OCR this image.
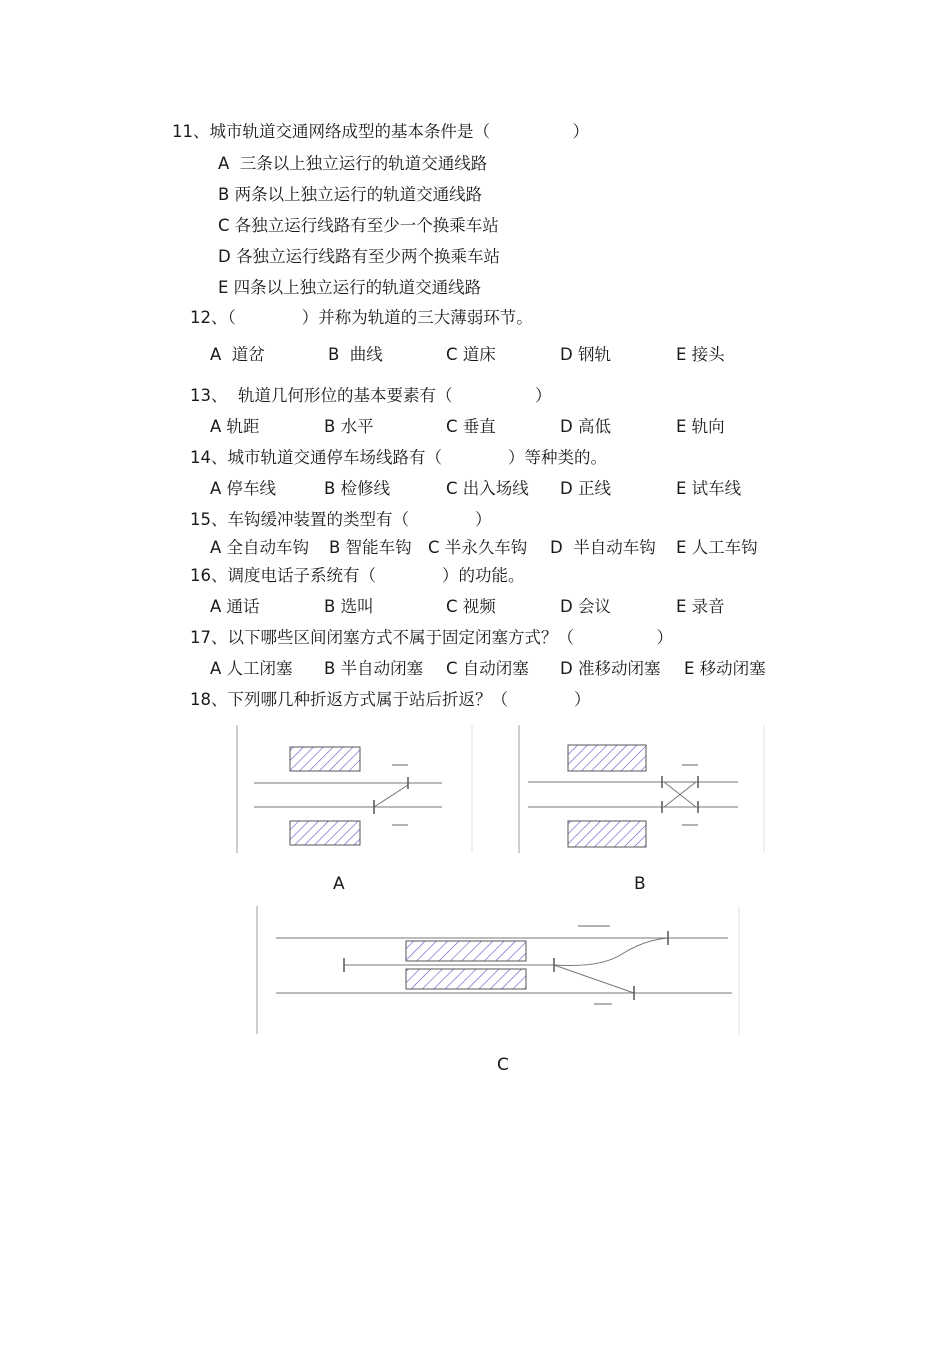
11、城市轨道交通网络成型的基本条件是（　　　　　）
A  三条以上独立运行的轨道交通线路
B 两条以上独立运行的轨道交通线路
C 各独立运行线路有至少一个换乘车站
D 各独立运行线路有至少两个换乘车站
E 四条以上独立运行的轨道交通线路
12、（　　　　）并称为轨道的三大薄弱环节。
A  道岔	B  曲线	C 道床	D 钢轨	E 接头
13、  轨道几何形位的基本要素有（　　　　　）
A 轨距	B 水平	C 垂直	D 高低	E 轨向
14、城市轨道交通停车场线路有（　　　　）等种类的。
A 停车线	B 检修线	C 出入场线 D 正线	E 试车线
15、车钩缓冲装置的类型有（　　　　）
A 全自动车钩 B 智能车钩 C 半永久车钩 D  半自动车钩 E 人工车钩
16、调度电话子系统有（　　　　）的功能。
A 通话	B 选叫	C 视频	D 会议	E 录音
17、以下哪些区间闭塞方式不属于固定闭塞方式？（　　　　　）
A 人工闭塞 B 半自动闭塞 C 自动闭塞 D 准移动闭塞 E 移动闭塞
18、下列哪几种折返方式属于站后折返？（　　　　）
A	B
C
